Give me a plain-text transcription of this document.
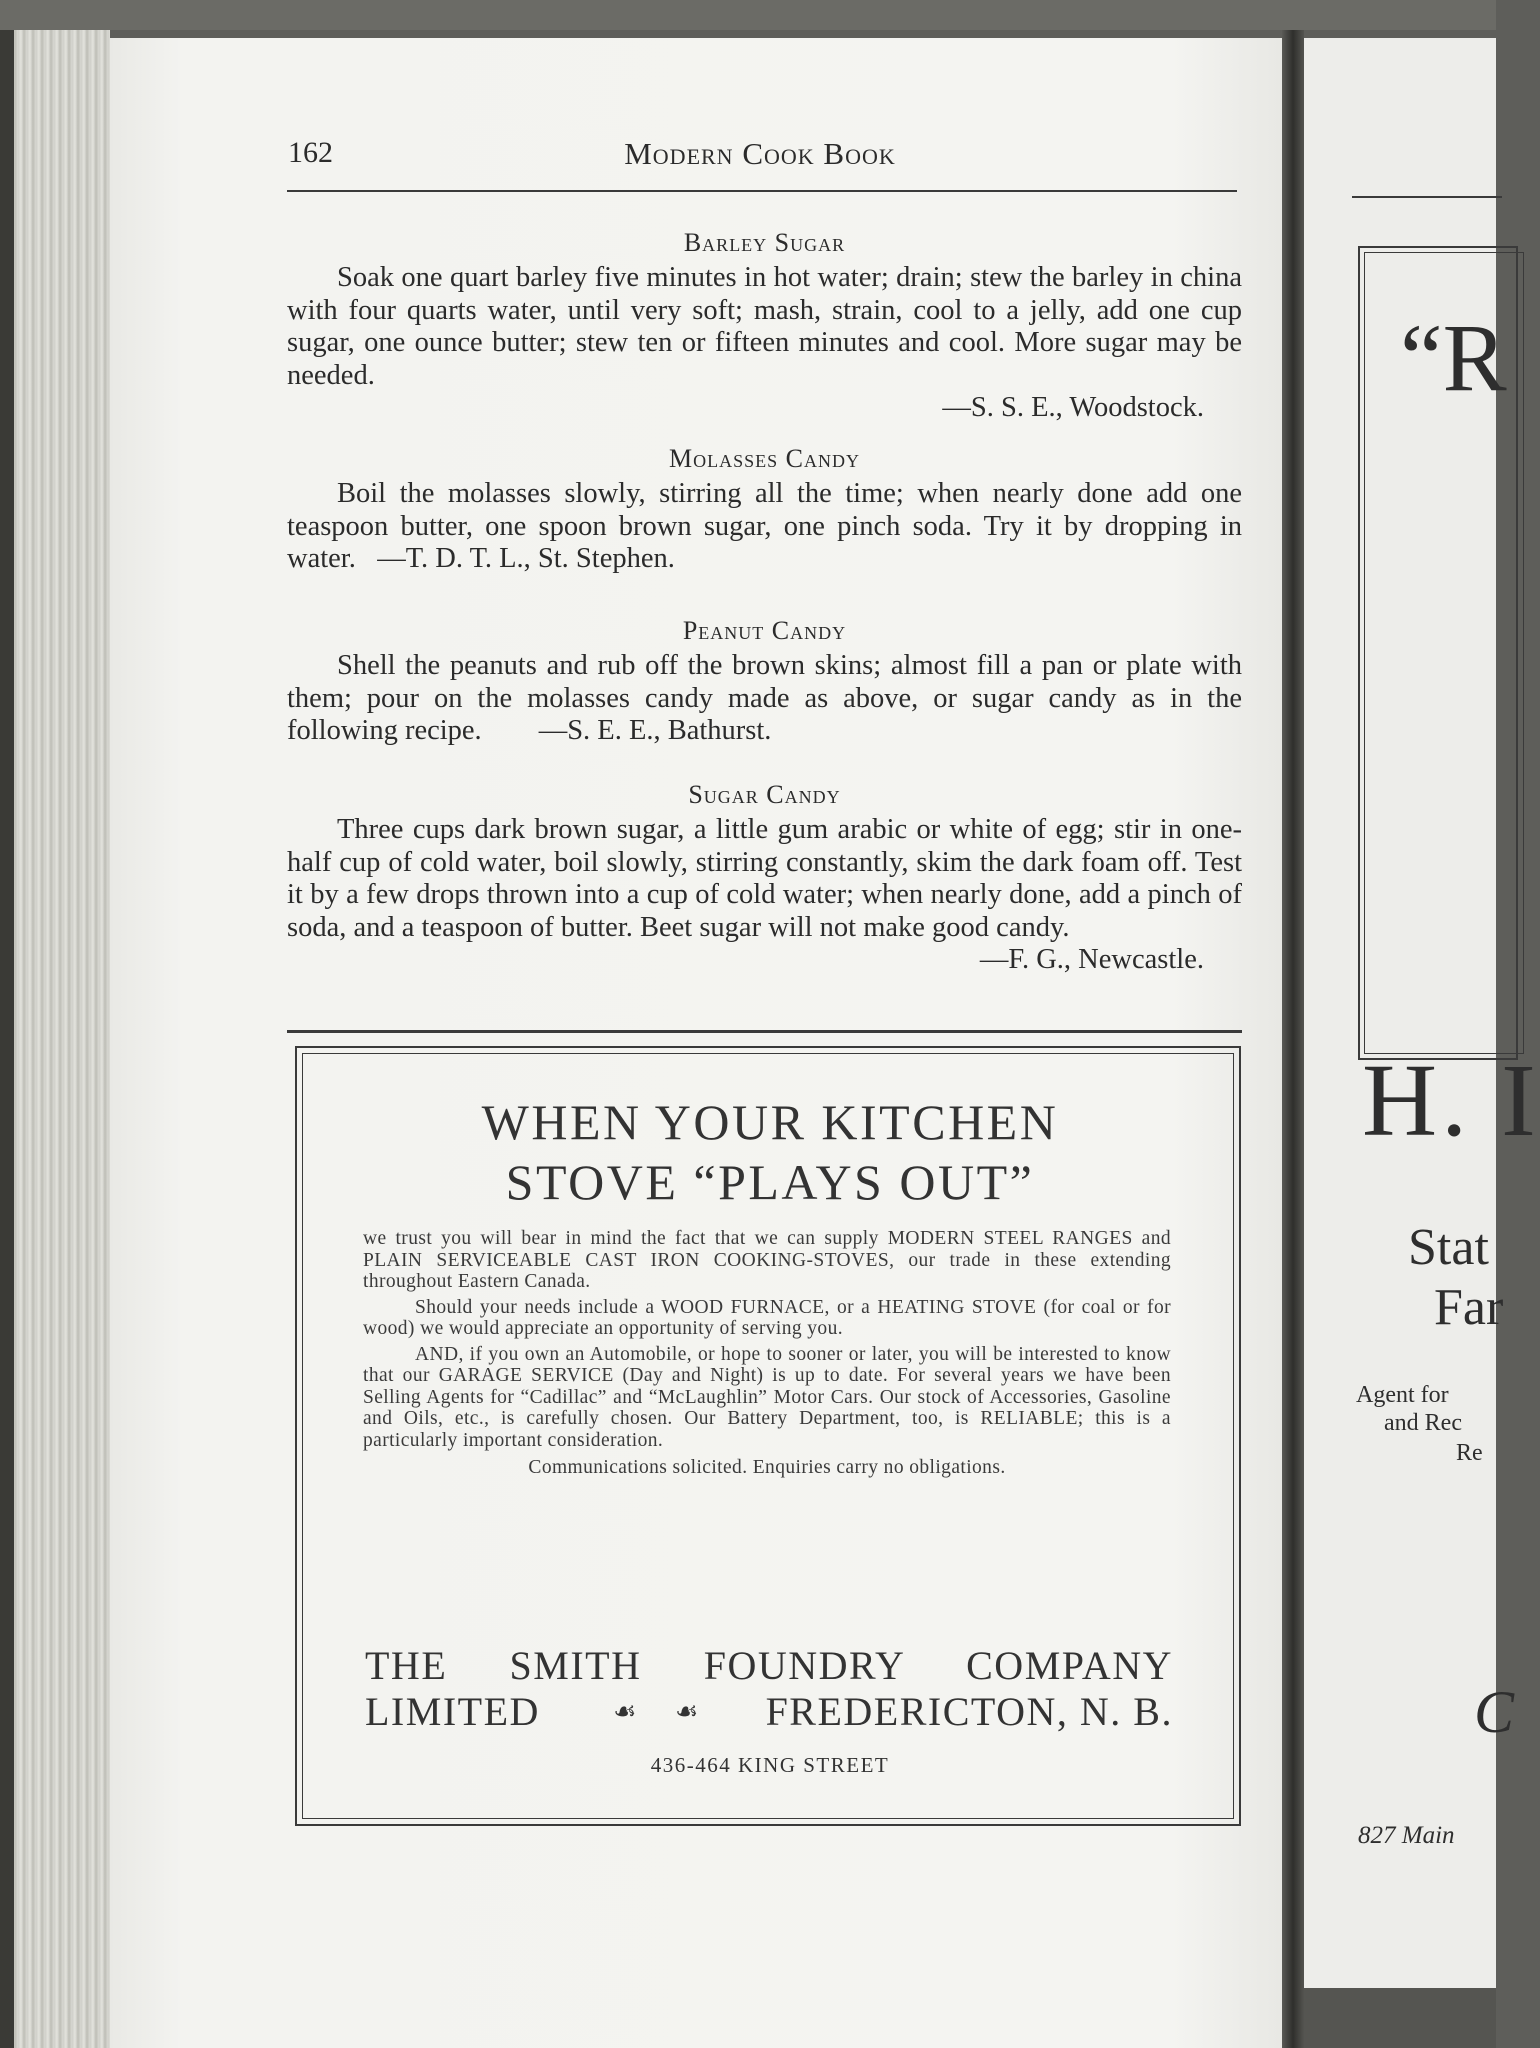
162	Modern Cook Book
Barley Sugar

Soak one quart barley five minutes in hot water; drain; stew the barley in china with four quarts water, until very soft; mash, strain, cool to a jelly, add one cup sugar, one ounce butter; stew ten or fifteen minutes and cool. More sugar may be needed.

—S. S. E., Woodstock.

Molasses Candy

Boil the molasses slowly, stirring all the time; when nearly done add one teaspoon butter, one spoon brown sugar, one pinch soda. Try it by dropping in water. —T. D. T. L., St. Stephen.

Peanut Candy

Shell the peanuts and rub off the brown skins; almost fill a pan or plate with them; pour on the molasses candy made as above, or sugar candy as in the following recipe. —S. E. E., Bathurst.

Sugar Candy

Three cups dark brown sugar, a little gum arabic or white of egg; stir in one-half cup of cold water, boil slowly, stirring constantly, skim the dark foam off. Test it by a few drops thrown into a cup of cold water; when nearly done, add a pinch of soda, and a teaspoon of butter. Beet sugar will not make good candy.

—F. G., Newcastle.

WHEN YOUR KITCHEN
STOVE “PLAYS OUT”

we trust you will bear in mind the fact that we can supply MODERN STEEL RANGES and PLAIN SERVICEABLE CAST IRON COOKING-STOVES, our trade in these extending throughout Eastern Canada.

Should your needs include a WOOD FURNACE, or a HEATING STOVE (for coal or for wood) we would appreciate an opportunity of serving you.

AND, if you own an Automobile, or hope to sooner or later, you will be interested to know that our GARAGE SERVICE (Day and Night) is up to date. For several years we have been Selling Agents for “Cadillac” and “McLaughlin” Motor Cars. Our stock of Accessories, Gasoline and Oils, etc., is carefully chosen. Our Battery Department, too, is RELIABLE; this is a particularly important consideration.

Communications solicited. Enquiries carry no obligations.

THE SMITH FOUNDRY COMPANY
LIMITED	☙ ☙ FREDERICTON, N. B.
436-464 KING STREET
“R
H. I
Stat
Far
Agent for
and Rec
Re
C
827 Main
